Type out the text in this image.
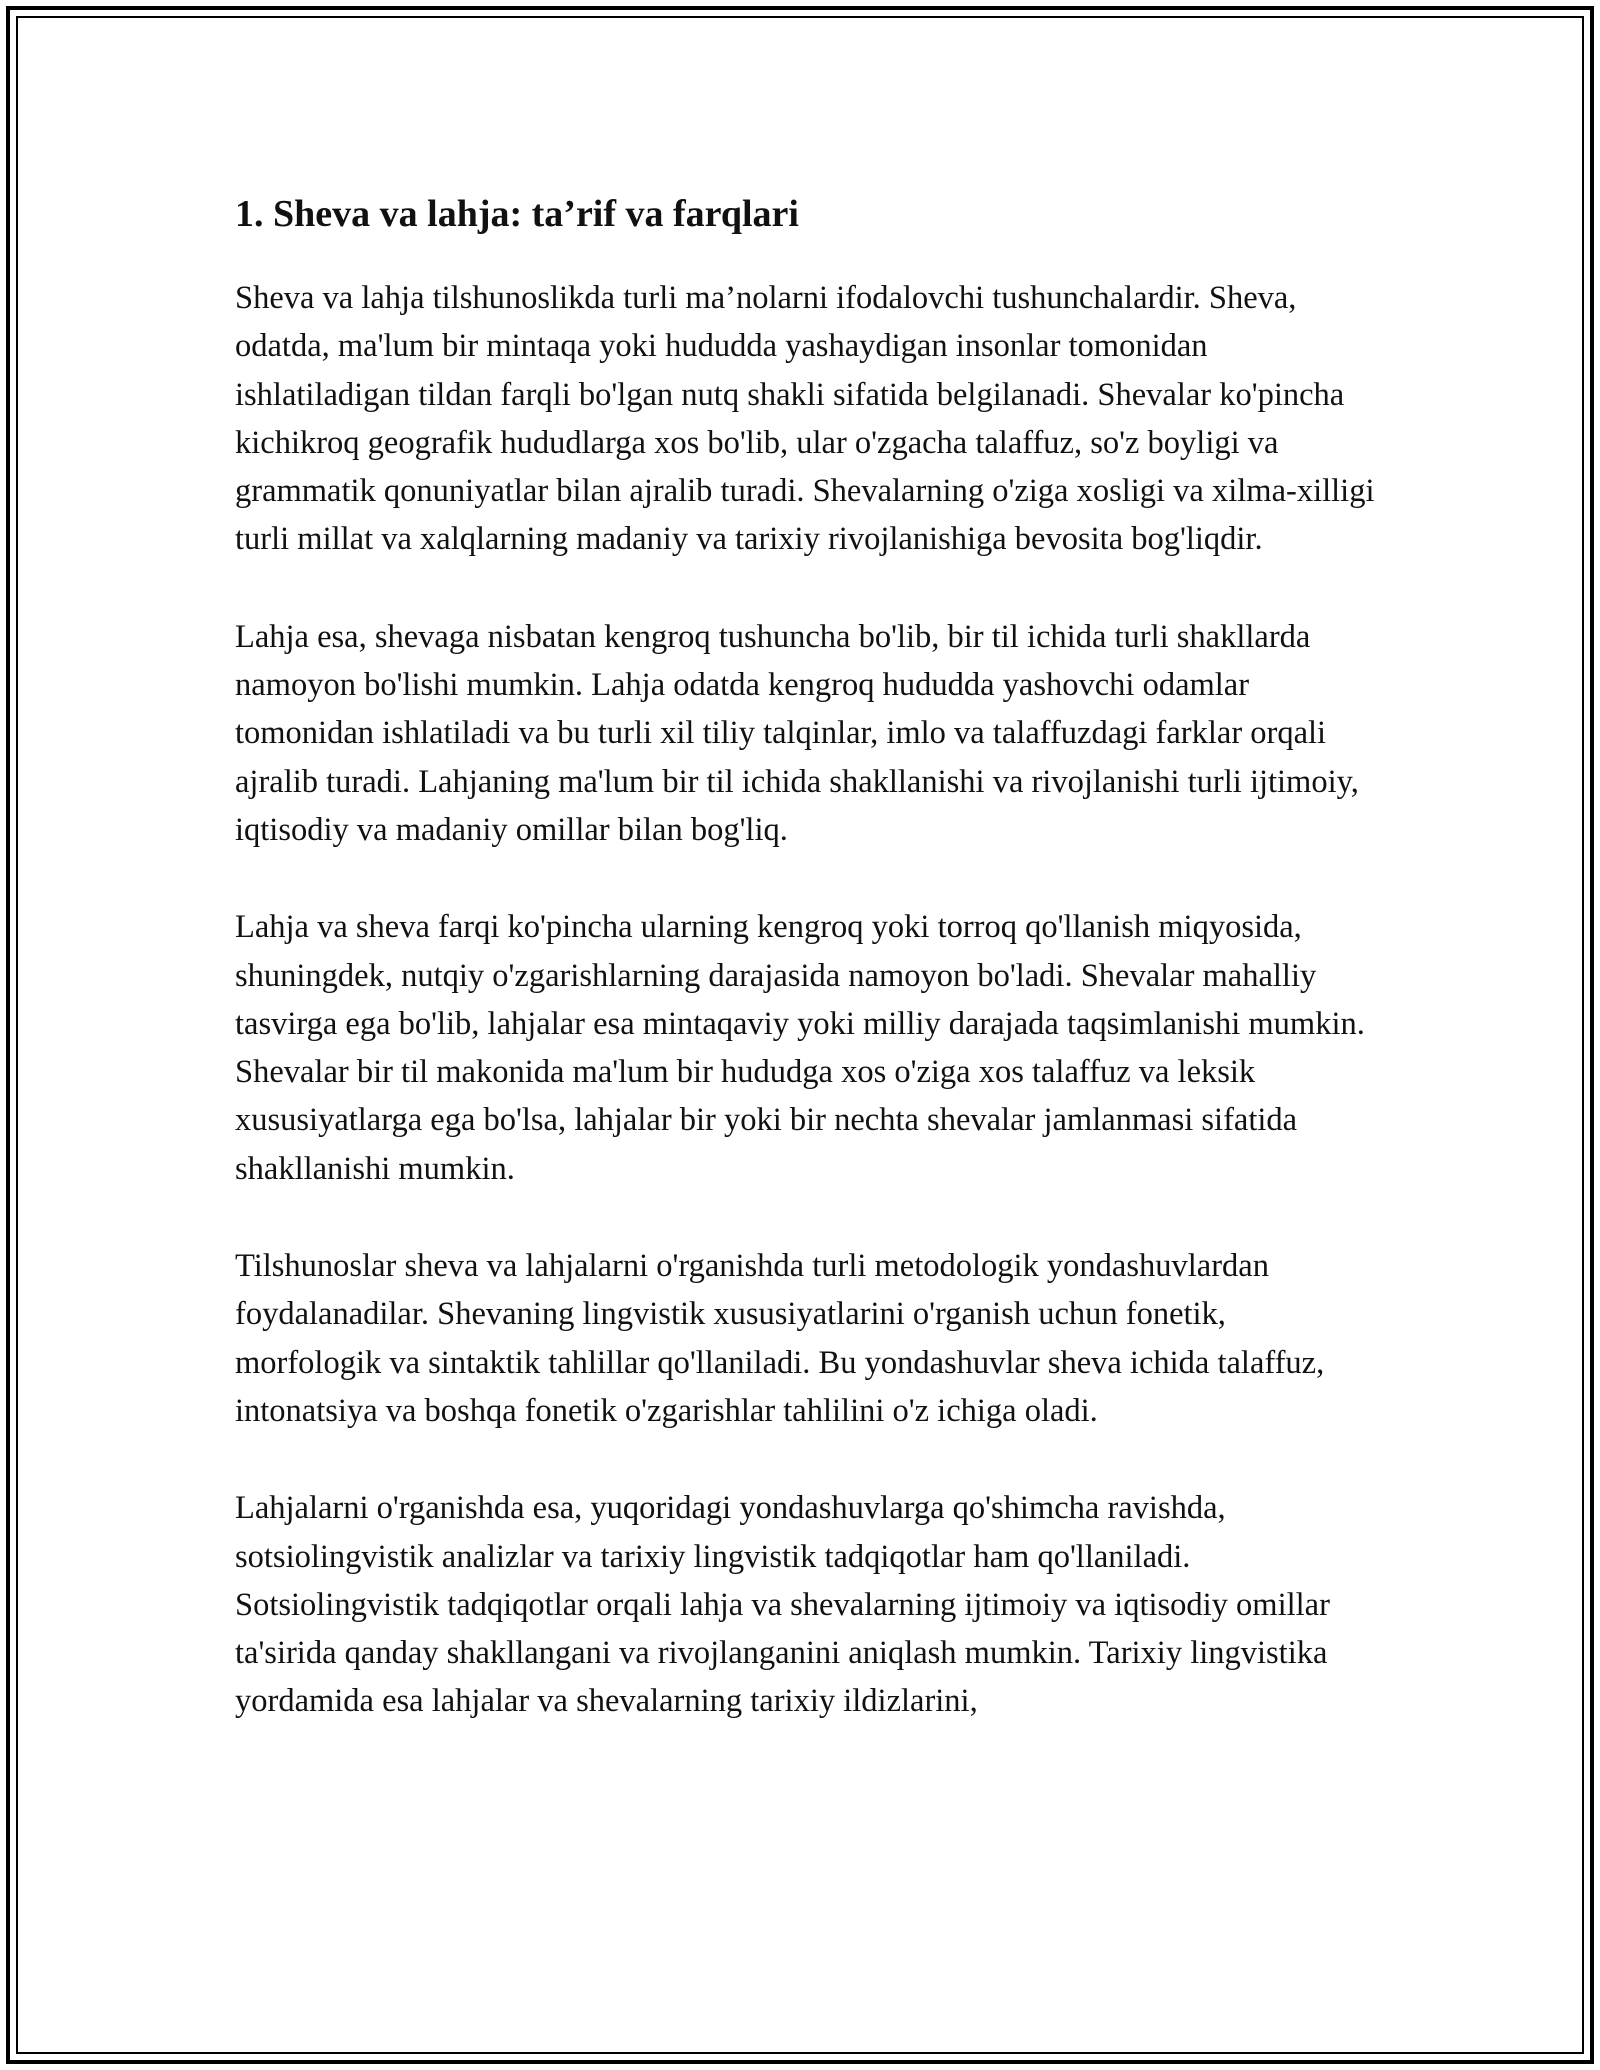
1. Sheva va lahja: ta’rif va farqlari

Sheva va lahja tilshunoslikda turli ma’nolarni ifodalovchi tushunchalardir. Sheva, odatda, ma'lum bir mintaqa yoki hududda yashaydigan insonlar tomonidan ishlatiladigan tildan farqli bo'lgan nutq shakli sifatida belgilanadi. Shevalar ko'pincha kichikroq geografik hududlarga xos bo'lib, ular o'zgacha talaffuz, so'z boyligi va grammatik qonuniyatlar bilan ajralib turadi. Shevalarning o'ziga xosligi va xilma-xilligi turli millat va xalqlarning madaniy va tarixiy rivojlanishiga bevosita bog'liqdir.

Lahja esa, shevaga nisbatan kengroq tushuncha bo'lib, bir til ichida turli shakllarda namoyon bo'lishi mumkin. Lahja odatda kengroq hududda yashovchi odamlar tomonidan ishlatiladi va bu turli xil tiliy talqinlar, imlo va talaffuzdagi farklar orqali ajralib turadi. Lahjaning ma'lum bir til ichida shakllanishi va rivojlanishi turli ijtimoiy, iqtisodiy va madaniy omillar bilan bog'liq.

Lahja va sheva farqi ko'pincha ularning kengroq yoki torroq qo'llanish miqyosida, shuningdek, nutqiy o'zgarishlarning darajasida namoyon bo'ladi. Shevalar mahalliy tasvirga ega bo'lib, lahjalar esa mintaqaviy yoki milliy darajada taqsimlanishi mumkin. Shevalar bir til makonida ma'lum bir hududga xos o'ziga xos talaffuz va leksik xususiyatlarga ega bo'lsa, lahjalar bir yoki bir nechta shevalar jamlanmasi sifatida shakllanishi mumkin.

Tilshunoslar sheva va lahjalarni o'rganishda turli metodologik yondashuvlardan foydalanadilar. Shevaning lingvistik xususiyatlarini o'rganish uchun fonetik, morfologik va sintaktik tahlillar qo'llaniladi. Bu yondashuvlar sheva ichida talaffuz, intonatsiya va boshqa fonetik o'zgarishlar tahlilini o'z ichiga oladi.

Lahjalarni o'rganishda esa, yuqoridagi yondashuvlarga qo'shimcha ravishda, sotsiolingvistik analizlar va tarixiy lingvistik tadqiqotlar ham qo'llaniladi. Sotsiolingvistik tadqiqotlar orqali lahja va shevalarning ijtimoiy va iqtisodiy omillar ta'sirida qanday shakllangani va rivojlanganini aniqlash mumkin. Tarixiy lingvistika yordamida esa lahjalar va shevalarning tarixiy ildizlarini,
